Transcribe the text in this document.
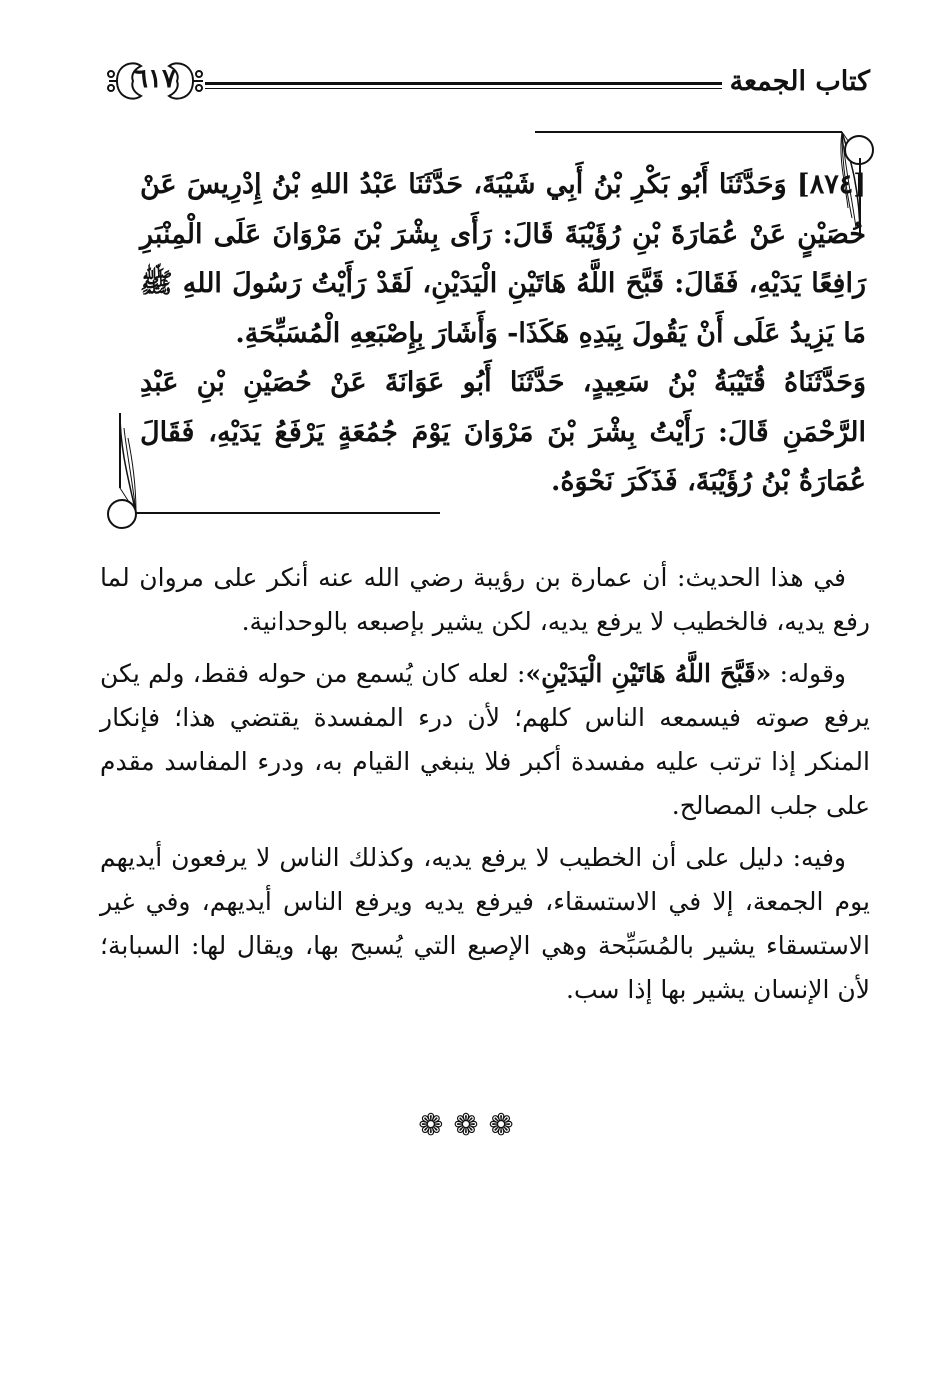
كتاب الجمعة
٦١٧

[٨٧٤] وَحَدَّثَنَا أَبُو بَكْرِ بْنُ أَبِي شَيْبَةَ، حَدَّثَنَا عَبْدُ اللهِ بْنُ إِدْرِيسَ عَنْ حُصَيْنٍ عَنْ عُمَارَةَ بْنِ رُؤَيْبَةَ قَالَ: رَأَى بِشْرَ بْنَ مَرْوَانَ عَلَى الْمِنْبَرِ رَافِعًا يَدَيْهِ، فَقَالَ: قَبَّحَ اللَّهُ هَاتَيْنِ الْيَدَيْنِ، لَقَدْ رَأَيْتُ رَسُولَ اللهِ ﷺ مَا يَزِيدُ عَلَى أَنْ يَقُولَ بِيَدِهِ هَكَذَا- وَأَشَارَ بِإِصْبَعِهِ الْمُسَبِّحَةِ.

وَحَدَّثَنَاهُ قُتَيْبَةُ بْنُ سَعِيدٍ، حَدَّثَنَا أَبُو عَوَانَةَ عَنْ حُصَيْنِ بْنِ عَبْدِ الرَّحْمَنِ قَالَ: رَأَيْتُ بِشْرَ بْنَ مَرْوَانَ يَوْمَ جُمُعَةٍ يَرْفَعُ يَدَيْهِ، فَقَالَ عُمَارَةُ بْنُ رُؤَيْبَةَ، فَذَكَرَ نَحْوَهُ.

في هذا الحديث: أن عمارة بن رؤيبة رضي الله عنه أنكر على مروان لما رفع يديه، فالخطيب لا يرفع يديه، لكن يشير بإصبعه بالوحدانية.

وقوله: «قَبَّحَ اللَّهُ هَاتَيْنِ الْيَدَيْنِ»: لعله كان يُسمع من حوله فقط، ولم يكن يرفع صوته فيسمعه الناس كلهم؛ لأن درء المفسدة يقتضي هذا؛ فإنكار المنكر إذا ترتب عليه مفسدة أكبر فلا ينبغي القيام به، ودرء المفاسد مقدم على جلب المصالح.

وفيه: دليل على أن الخطيب لا يرفع يديه، وكذلك الناس لا يرفعون أيديهم يوم الجمعة، إلا في الاستسقاء، فيرفع يديه ويرفع الناس أيديهم، وفي غير الاستسقاء يشير بالمُسَبِّحة وهي الإصبع التي يُسبح بها، ويقال لها: السبابة؛ لأن الإنسان يشير بها إذا سب.

❁❁❁
